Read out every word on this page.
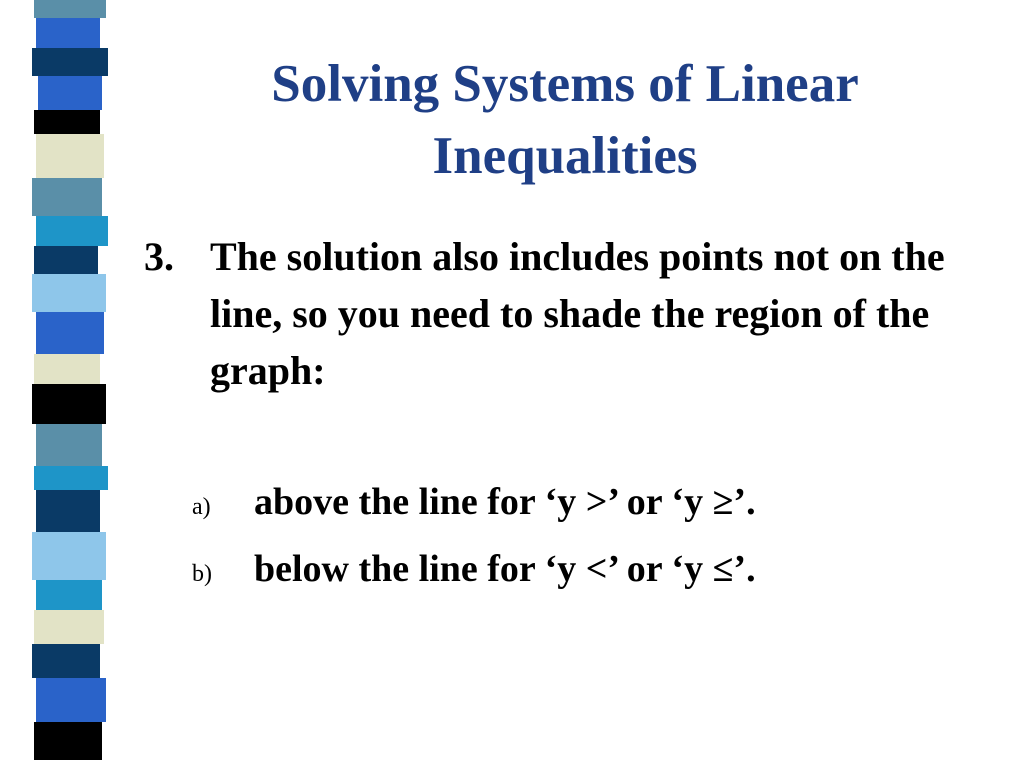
Solving Systems of Linear
Inequalities
3. The solution also includes points not on the line, so you need to shade the region of the graph:
a) above the line for ‘y >’ or ‘y ≥’.
b) below the line for ‘y <’ or ‘y ≤’.
